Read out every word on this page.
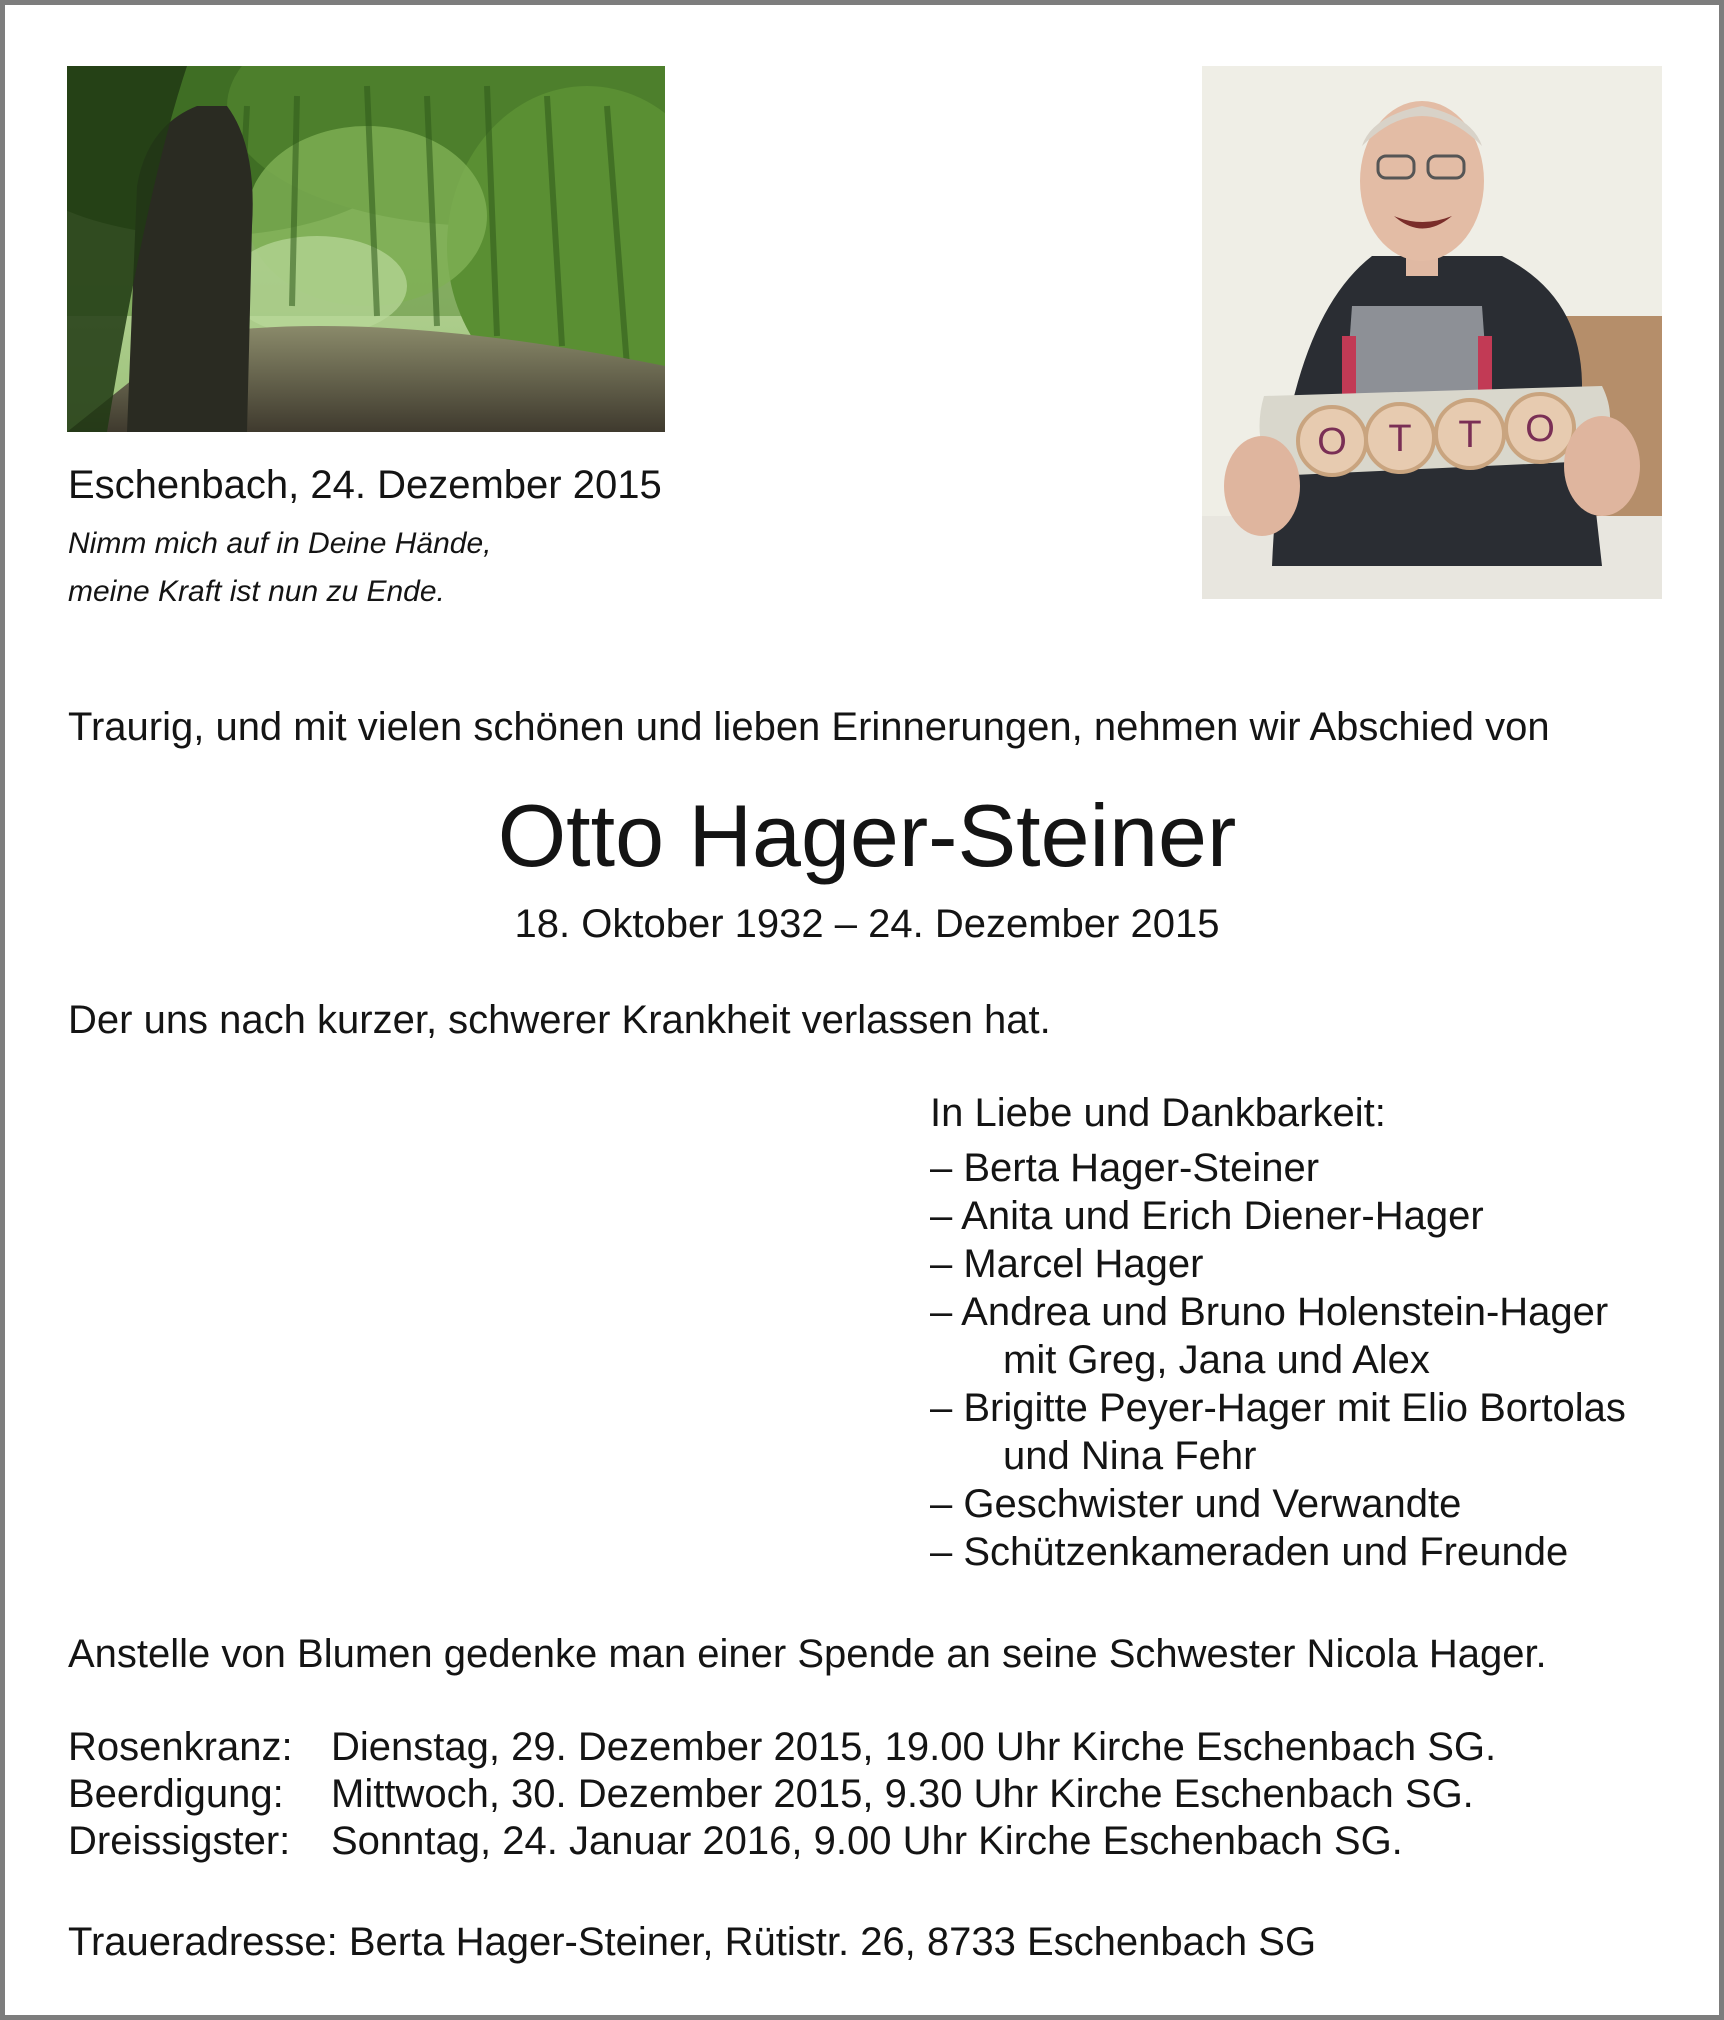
O T T O

Eschenbach, 24. Dezember 2015

Nimm mich auf in Deine Hände,

meine Kraft ist nun zu Ende.

Traurig, und mit vielen schönen und lieben Erinnerungen, nehmen wir Abschied von

Otto Hager-Steiner

18. Oktober 1932 – 24. Dezember 2015

Der uns nach kurzer, schwerer Krankheit verlassen hat.

In Liebe und Dankbarkeit:
– Berta Hager-Steiner
– Anita und Erich Diener-Hager
– Marcel Hager
– Andrea und Bruno Holenstein-Hager
mit Greg, Jana und Alex
– Brigitte Peyer-Hager mit Elio Bortolas
und Nina Fehr
– Geschwister und Verwandte
– Schützenkameraden und Freunde

Anstelle von Blumen gedenke man einer Spende an seine Schwester Nicola Hager.

Rosenkranz:	Dienstag, 29. Dezember 2015, 19.00 Uhr Kirche Eschenbach SG.
Beerdigung:	Mittwoch, 30. Dezember 2015, 9.30 Uhr Kirche Eschenbach SG.
Dreissigster:	Sonntag, 24. Januar 2016, 9.00 Uhr Kirche Eschenbach SG.

Traueradresse: Berta Hager-Steiner, Rütistr. 26, 8733 Eschenbach SG
